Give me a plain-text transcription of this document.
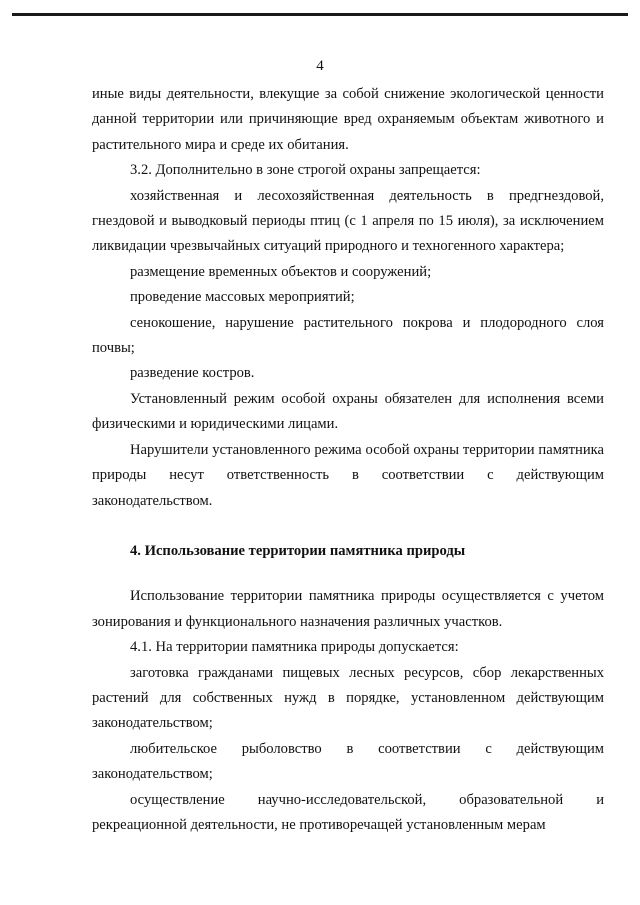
4

иные виды деятельности, влекущие за собой снижение экологической ценности данной территории или причиняющие вред охраняемым объектам животного и растительного мира и среде их обитания.

3.2. Дополнительно в зоне строгой охраны запрещается:

хозяйственная и лесохозяйственная деятельность в предгнездовой, гнездовой и выводковый периоды птиц (с 1 апреля по 15 июля), за исключением ликвидации чрезвычайных ситуаций природного и техногенного характера;

размещение временных объектов и сооружений;

проведение массовых мероприятий;

сенокошение, нарушение растительного покрова и плодородного слоя почвы;

разведение костров.

Установленный режим особой охраны обязателен для исполнения всеми физическими и юридическими лицами.

Нарушители установленного режима особой охраны территории памятника природы несут ответственность в соответствии с действующим законодательством.

4. Использование территории памятника природы

Использование территории памятника природы осуществляется с учетом зонирования и функционального назначения различных участков.

4.1. На территории памятника природы допускается:

заготовка гражданами пищевых лесных ресурсов, сбор лекарственных растений для собственных нужд в порядке, установленном действующим законодательством;

любительское рыболовство в соответствии с действующим законодательством;

осуществление научно-исследовательской, образовательной и рекреационной деятельности, не противоречащей установленным мерам
